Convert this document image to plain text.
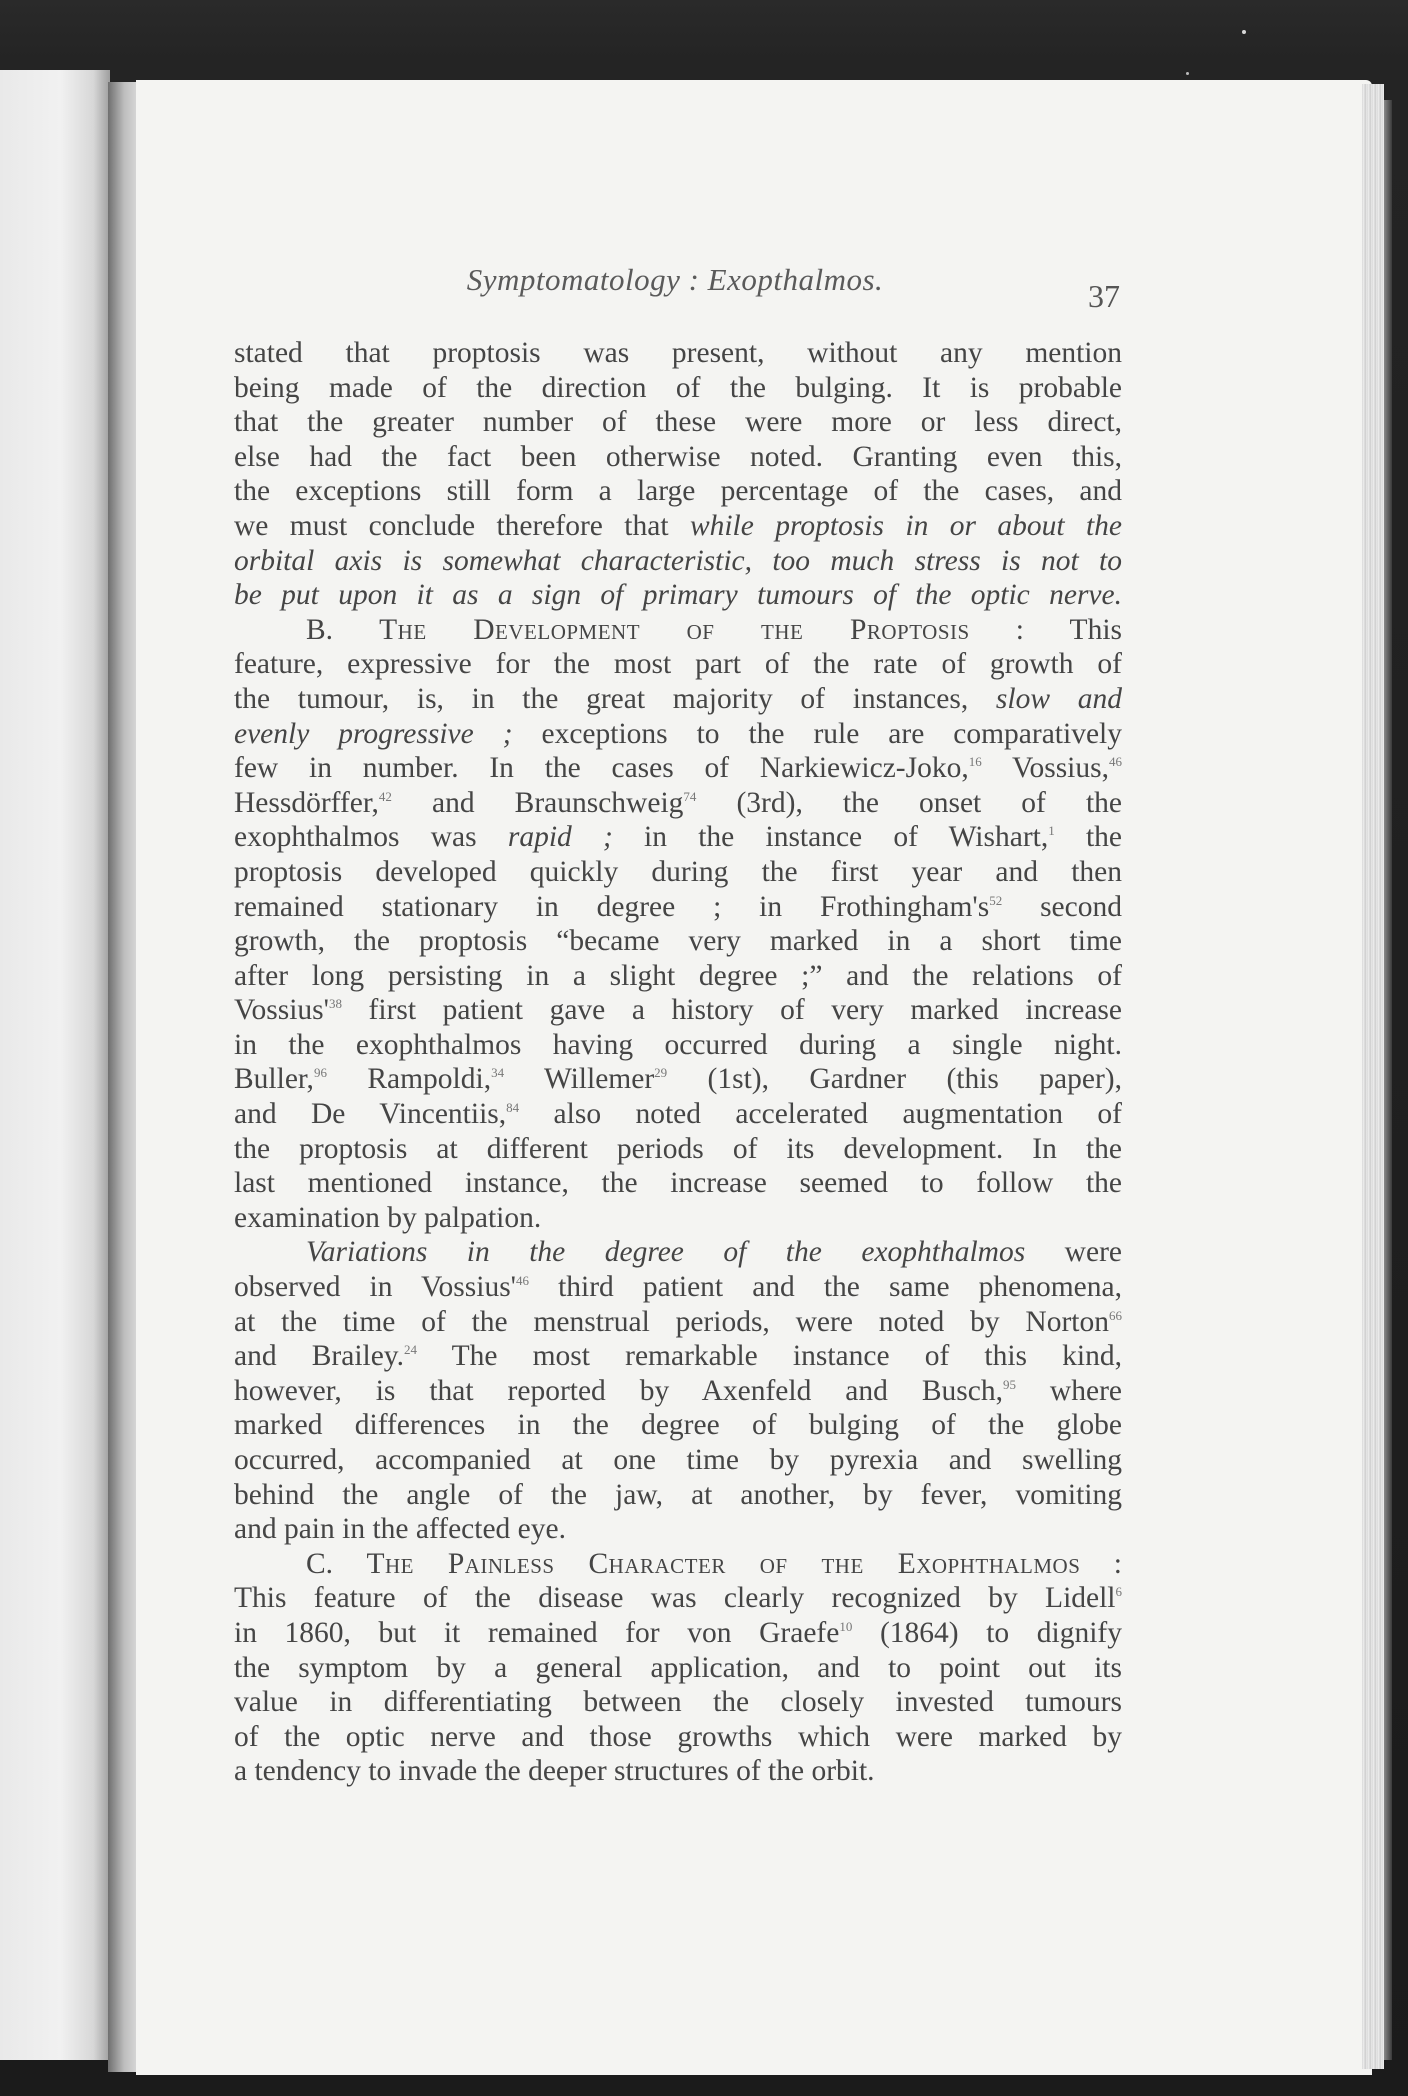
Symptomatology : Exopthalmos.	37
stated that proptosis was present, without any mention
being made of the direction of the bulging. It is probable
that the greater number of these were more or less direct,
else had the fact been otherwise noted. Granting even this,
the exceptions still form a large percentage of the cases, and
we must conclude therefore that while proptosis in or about the
orbital axis is somewhat characteristic, too much stress is not to
be put upon it as a sign of primary tumours of the optic nerve.
B. The Development of the Proptosis : This
feature, expressive for the most part of the rate of growth of
the tumour, is, in the great majority of instances, slow and
evenly progressive ; exceptions to the rule are comparatively
few in number. In the cases of Narkiewicz-Joko,$^{16}$ Vossius,$^{46}$
Hessdörffer,$^{42}$ and Braunschweig$^{74}$ (3rd), the onset of the
exophthalmos was rapid ; in the instance of Wishart,$^1$ the
proptosis developed quickly during the first year and then
remained stationary in degree ; in $Frothingham's^{52}$ second
growth, the proptosis “became very marked in a short time
after long persisting in a slight degree ;” and the relations of
$Vossius'^{38}$ first patient gave a history of very marked increase
in the exophthalmos having occurred during a single night.
Buller,$^{96}$ Rampoldi,$^{34}$ Willemer$^{29}$ (1st), Gardner (this paper),
and De Vincentiis,$^{84}$ also noted accelerated augmentation of
the proptosis at different periods of its development. In the
last mentioned instance, the increase seemed to follow the
examination by palpation.
Variations in the degree of the exophthalmos were
observed in $Vossius'^{46}$ third patient and the same phenomena,
at the time of the menstrual periods, were noted by Norton$^{66}$
and Brailey.$^{24}$ The most remarkable instance of this kind,
however, is that reported by Axenfeld and Busch,$^{95}$ where
marked differences in the degree of bulging of the globe
occurred, accompanied at one time by pyrexia and swelling
behind the angle of the jaw, at another, by fever, vomiting
and pain in the affected eye.
C. The Painless Character of the Exophthalmos :
This feature of the disease was clearly recognized by Lidell$^6$
in 1860, but it remained for von Graefe$^{10}$ (1864) to dignify
the symptom by a general application, and to point out its
value in differentiating between the closely invested tumours
of the optic nerve and those growths which were marked by
a tendency to invade the deeper structures of the orbit.
